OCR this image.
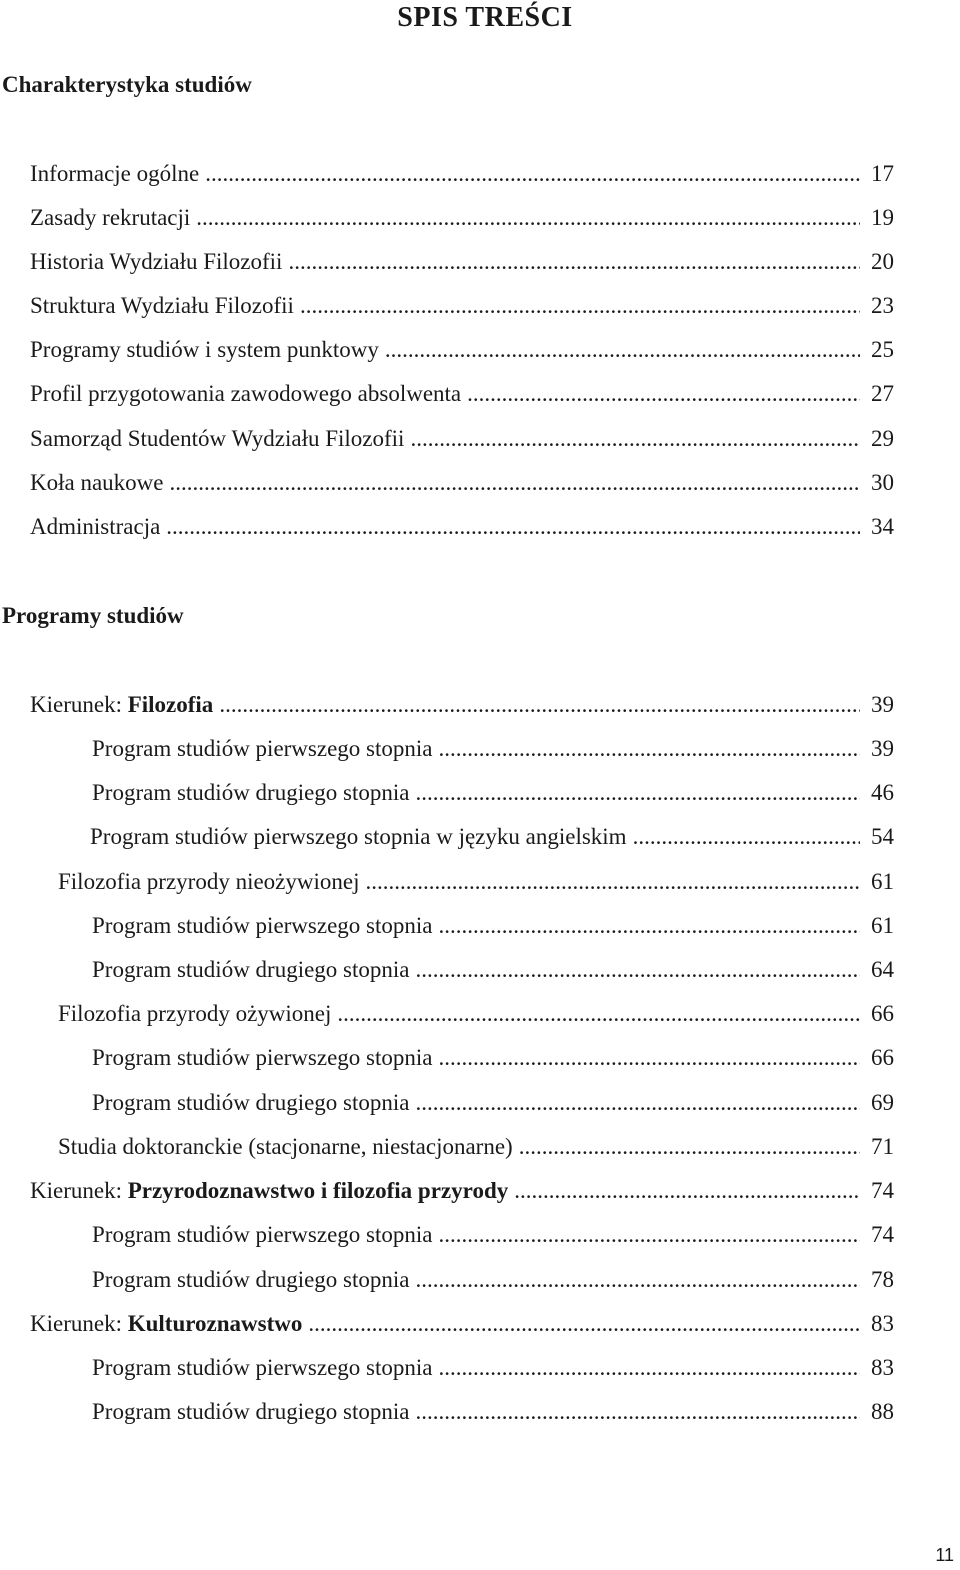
SPIS TREŚCI
Charakterystyka studiów
Informacje ogólne .....	17
Zasady rekrutacji .....	19
Historia Wydziału Filozofii .....	20
Struktura Wydziału Filozofii .....	23
Programy studiów i system punktowy .....	25
Profil przygotowania zawodowego absolwenta .....	27
Samorząd Studentów Wydziału Filozofii .....	29
Koła naukowe .....	30
Administracja .....	34
Programy studiów
Kierunek: Filozofia .....	39
Program studiów pierwszego stopnia .....	39
Program studiów drugiego stopnia .....	46
Program studiów pierwszego stopnia w języku angielskim .....	54
Filozofia przyrody nieożywionej .....	61
Program studiów pierwszego stopnia .....	61
Program studiów drugiego stopnia .....	64
Filozofia przyrody ożywionej .....	66
Program studiów pierwszego stopnia .....	66
Program studiów drugiego stopnia .....	69
Studia doktoranckie (stacjonarne, niestacjonarne) .....	71
Kierunek: Przyrodoznawstwo i filozofia przyrody .....	74
Program studiów pierwszego stopnia .....	74
Program studiów drugiego stopnia .....	78
Kierunek: Kulturoznawstwo .....	83
Program studiów pierwszego stopnia .....	83
Program studiów drugiego stopnia .....	88
11
